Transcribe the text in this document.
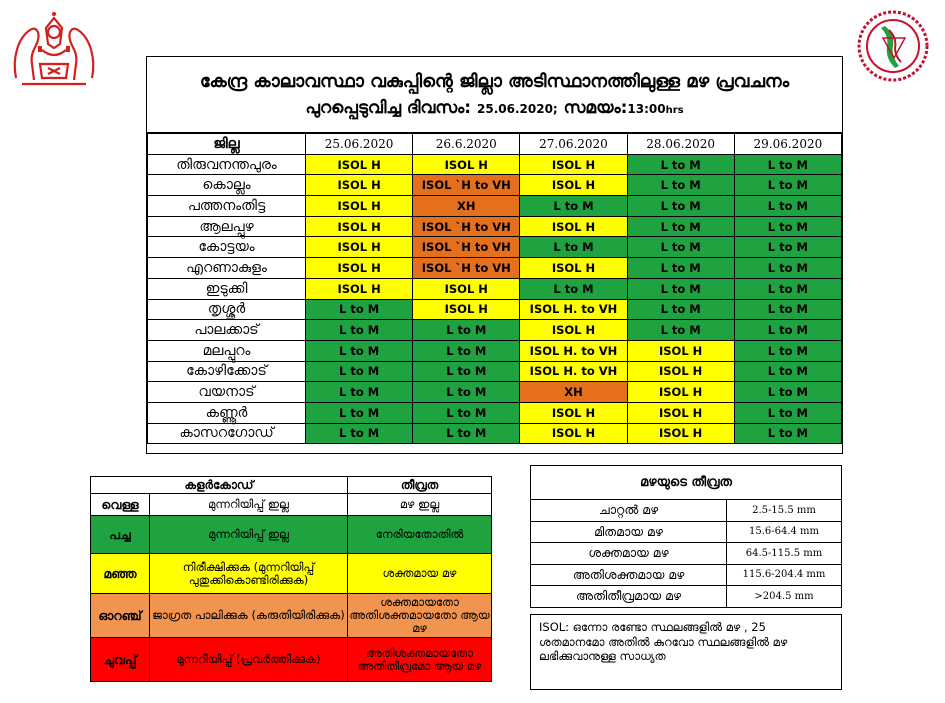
കേന്ദ്ര കാലാവസ്ഥാ വകുപ്പിന്റെ ജില്ലാ അടിസ്ഥാനത്തിലുള്ള മഴ പ്രവചനം
പുറപ്പെടുവിച്ച ദിവസം: 25.06.2020; സമയം:13:00hrs
ജില്ല	25.06.2020	26.6.2020	27.06.2020	28.06.2020	29.06.2020
തിരുവനന്തപുരം	ISOL H	ISOL H	ISOL H	L to M	L to M
കൊല്ലം	ISOL H	ISOL `H to VH	ISOL H	L to M	L to M
പത്തനംതിട്ട	ISOL H	XH	L to M	L to M	L to M
ആലപ്പുഴ	ISOL H	ISOL `H to VH	ISOL H	L to M	L to M
കോട്ടയം	ISOL H	ISOL `H to VH	L to M	L to M	L to M
എറണാകുളം	ISOL H	ISOL `H to VH	ISOL H	L to M	L to M
ഇടുക്കി	ISOL H	ISOL H	L to M	L to M	L to M
തൃശ്ശൂർ	L to M	ISOL H	ISOL H. to VH	L to M	L to M
പാലക്കാട്	L to M	L to M	ISOL H	L to M	L to M
മലപ്പുറം	L to M	L to M	ISOL H. to VH	ISOL H	L to M
കോഴിക്കോട്	L to M	L to M	ISOL H. to VH	ISOL H	L to M
വയനാട്	L to M	L to M	XH	ISOL H	L to M
കണ്ണൂർ	L to M	L to M	ISOL H	ISOL H	L to M
കാസറഗോഡ്	L to M	L to M	ISOL H	ISOL H	L to M
കളർകോഡ്		തീവ്രത
വെള്ള	മുന്നറിയിപ്പ് ഇല്ല	മഴ ഇല്ല
പച്ച	മുന്നറിയിപ്പ് ഇല്ല	നേരിയതോതിൽ
മഞ്ഞ	നിരീക്ഷിക്കുക (മുന്നറിയിപ്പ് പുതുക്കികൊണ്ടിരിക്കുക)	ശക്തമായ മഴ
ഓറഞ്ച്	ജാഗ്രത പാലിക്കുക (കരുതിയിരിക്കുക)	ശക്തമായതോ അതിശക്തമായതോ ആയ മഴ
ചുവപ്പ്	മുന്നറിയിപ്പ് (പ്രവർത്തിക്കുക)	അതിശക്തമായതോ അതിതീവ്രമോ ആയ മഴ
മഴയുടെ തീവ്രത	
ചാറ്റൽ മഴ	2.5-15.5 mm
മിതമായ മഴ	15.6-64.4 mm
ശക്തമായ മഴ	64.5-115.5 mm
അതിശക്തമായ മഴ	115.6-204.4 mm
അതിതീവ്രമായ മഴ	>204.5 mm
ISOL: ഒന്നോ രണ്ടോ സ്ഥലങ്ങളിൽ മഴ , 25 ശതമാനമോ അതിൽ കുറവോ സ്ഥലങ്ങളിൽ മഴ ലഭിക്കുവാനുള്ള സാധ്യത
